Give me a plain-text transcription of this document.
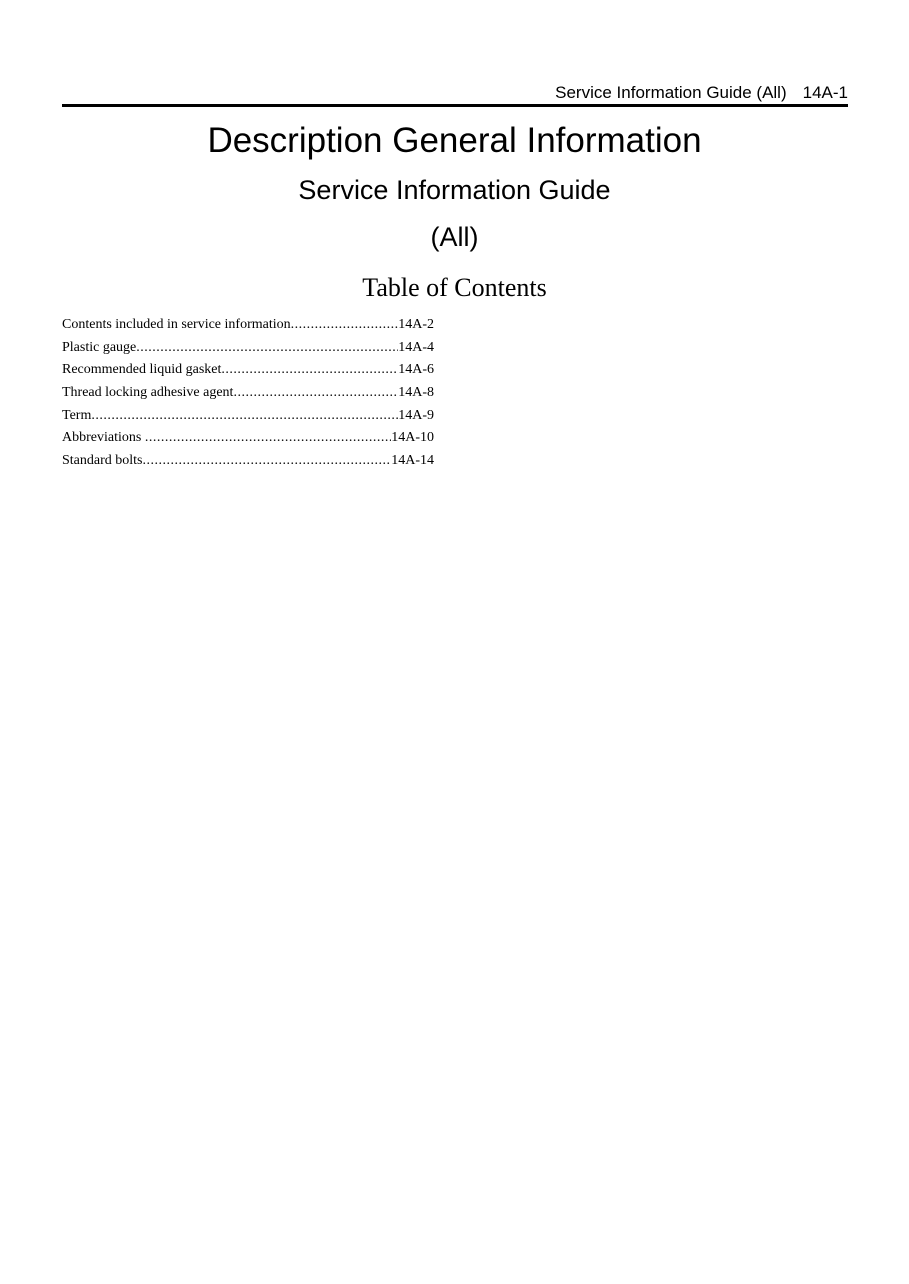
Service Information Guide (All) 14A-1
Description General Information
Service Information Guide
(All)
Table of Contents
Contents included in service information .....	14A-2
Plastic gauge .....	14A-4
Recommended liquid gasket .....	14A-6
Thread locking adhesive agent .....	14A-8
Term .....	14A-9
Abbreviations .....	14A-10
Standard bolts .....	14A-14
